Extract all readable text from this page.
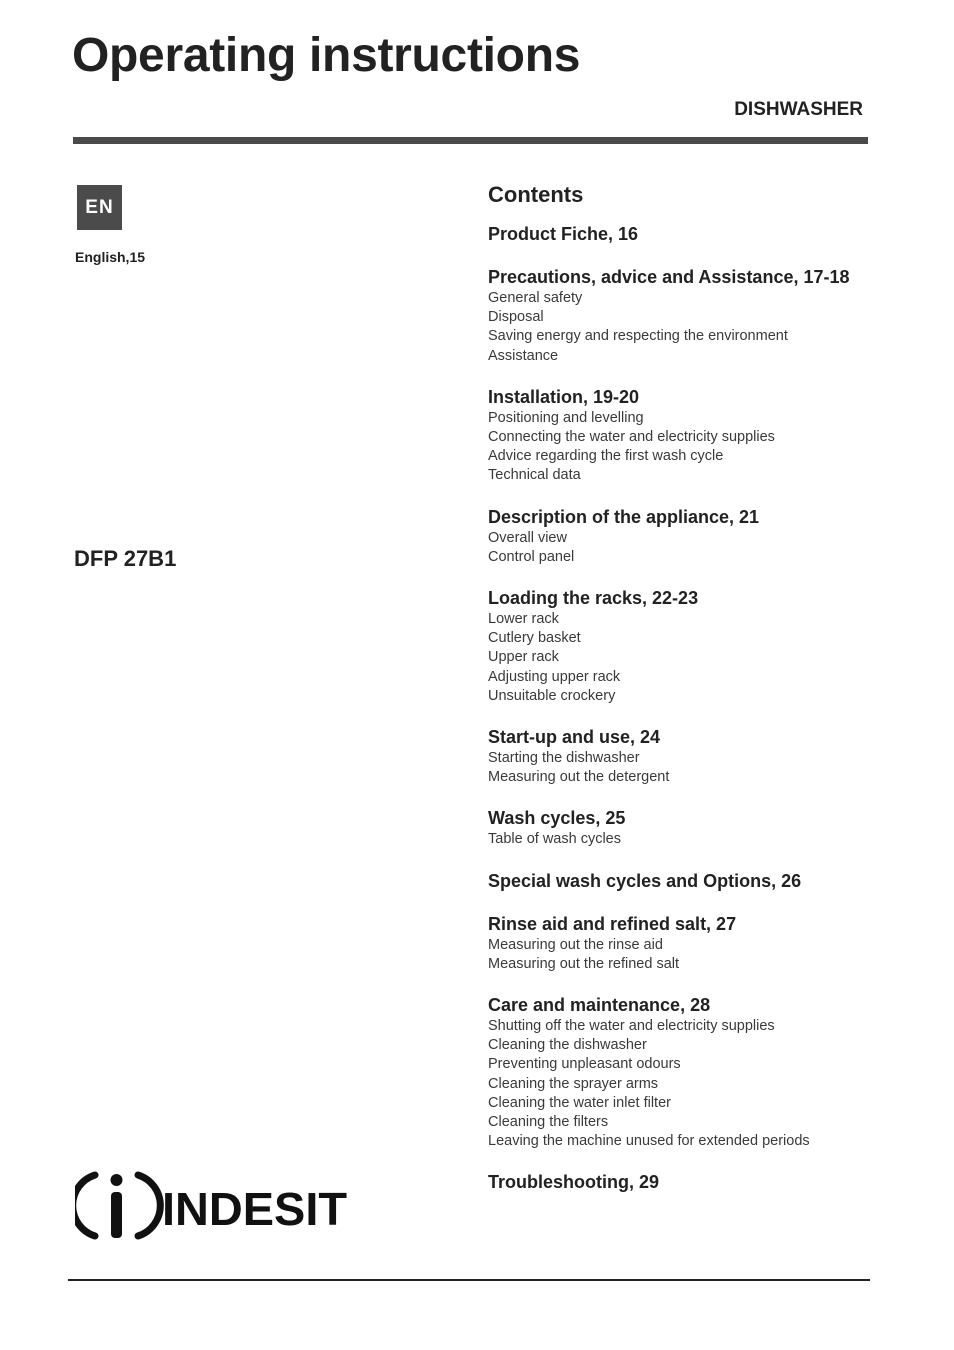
Operating instructions
DISHWASHER
EN
English,15
DFP 27B1
INDESIT
Contents
Product Fiche, 16
Precautions, advice and Assistance, 17-18
General safety
Disposal
Saving energy and respecting the environment
Assistance
Installation, 19-20
Positioning and levelling
Connecting the water and electricity supplies
Advice regarding the first wash cycle
Technical data
Description of the appliance, 21
Overall view
Control panel
Loading the racks, 22-23
Lower rack
Cutlery basket
Upper rack
Adjusting upper rack
Unsuitable crockery
Start-up and use, 24
Starting the dishwasher
Measuring out the detergent
Wash cycles, 25
Table of wash cycles
Special wash cycles and Options, 26
Rinse aid and refined salt, 27
Measuring out the rinse aid
Measuring out the refined salt
Care and maintenance, 28
Shutting off the water and electricity supplies
Cleaning the dishwasher
Preventing unpleasant odours
Cleaning the sprayer arms
Cleaning the water inlet filter
Cleaning the filters
Leaving the machine unused for extended periods
Troubleshooting, 29
